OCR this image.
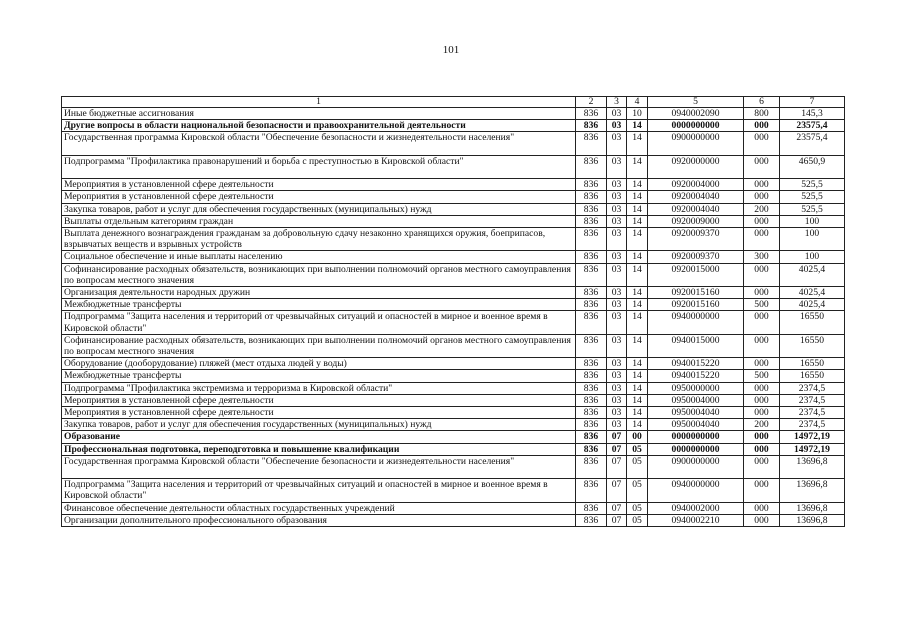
101
1	2	3	4	5	6	7
Иные бюджетные ассигнования	836	03	10	0940002090	800	145,3
Другие вопросы в области национальной безопасности и правоохранительной деятельности	836	03	14	0000000000	000	23575,4
Государственная программа Кировской области "Обеспечение безопасности и жизнедеятельности населения"	836	03	14	0900000000	000	23575,4
Подпрограмма "Профилактика правонарушений и борьба с преступностью в Кировской области"	836	03	14	0920000000	000	4650,9
Мероприятия в установленной сфере деятельности	836	03	14	0920004000	000	525,5
Мероприятия в установленной сфере деятельности	836	03	14	0920004040	000	525,5
Закупка товаров, работ и услуг для обеспечения государственных (муниципальных) нужд	836	03	14	0920004040	200	525,5
Выплаты отдельным категориям граждан	836	03	14	0920009000	000	100
Выплата денежного вознаграждения гражданам за добровольную сдачу незаконно хранящихся оружия, боеприпасов, взрывчатых веществ и взрывных устройств	836	03	14	0920009370	000	100
Социальное обеспечение и иные выплаты населению	836	03	14	0920009370	300	100
Софинансирование расходных обязательств, возникающих при выполнении полномочий органов местного самоуправления по вопросам местного значения	836	03	14	0920015000	000	4025,4
Организация деятельности народных дружин	836	03	14	0920015160	000	4025,4
Межбюджетные трансферты	836	03	14	0920015160	500	4025,4
Подпрограмма "Защита населения и территорий от чрезвычайных ситуаций и опасностей в мирное и военное время в Кировской области"	836	03	14	0940000000	000	16550
Софинансирование расходных обязательств, возникающих при выполнении полномочий органов местного самоуправления по вопросам местного значения	836	03	14	0940015000	000	16550
Оборудование (дооборудование) пляжей (мест отдыха людей у воды)	836	03	14	0940015220	000	16550
Межбюджетные трансферты	836	03	14	0940015220	500	16550
Подпрограмма "Профилактика экстремизма и терроризма в Кировской области"	836	03	14	0950000000	000	2374,5
Мероприятия в установленной сфере деятельности	836	03	14	0950004000	000	2374,5
Мероприятия в установленной сфере деятельности	836	03	14	0950004040	000	2374,5
Закупка товаров, работ и услуг для обеспечения государственных (муниципальных) нужд	836	03	14	0950004040	200	2374,5
Образование	836	07	00	0000000000	000	14972,19
Профессиональная подготовка, переподготовка и повышение квалификации	836	07	05	0000000000	000	14972,19
Государственная программа Кировской области "Обеспечение безопасности и жизнедеятельности населения"	836	07	05	0900000000	000	13696,8
Подпрограмма "Защита населения и территорий от чрезвычайных ситуаций и опасностей в мирное и военное время в Кировской области"	836	07	05	0940000000	000	13696,8
Финансовое обеспечение деятельности областных государственных учреждений	836	07	05	0940002000	000	13696,8
Организации дополнительного профессионального образования	836	07	05	0940002210	000	13696,8
